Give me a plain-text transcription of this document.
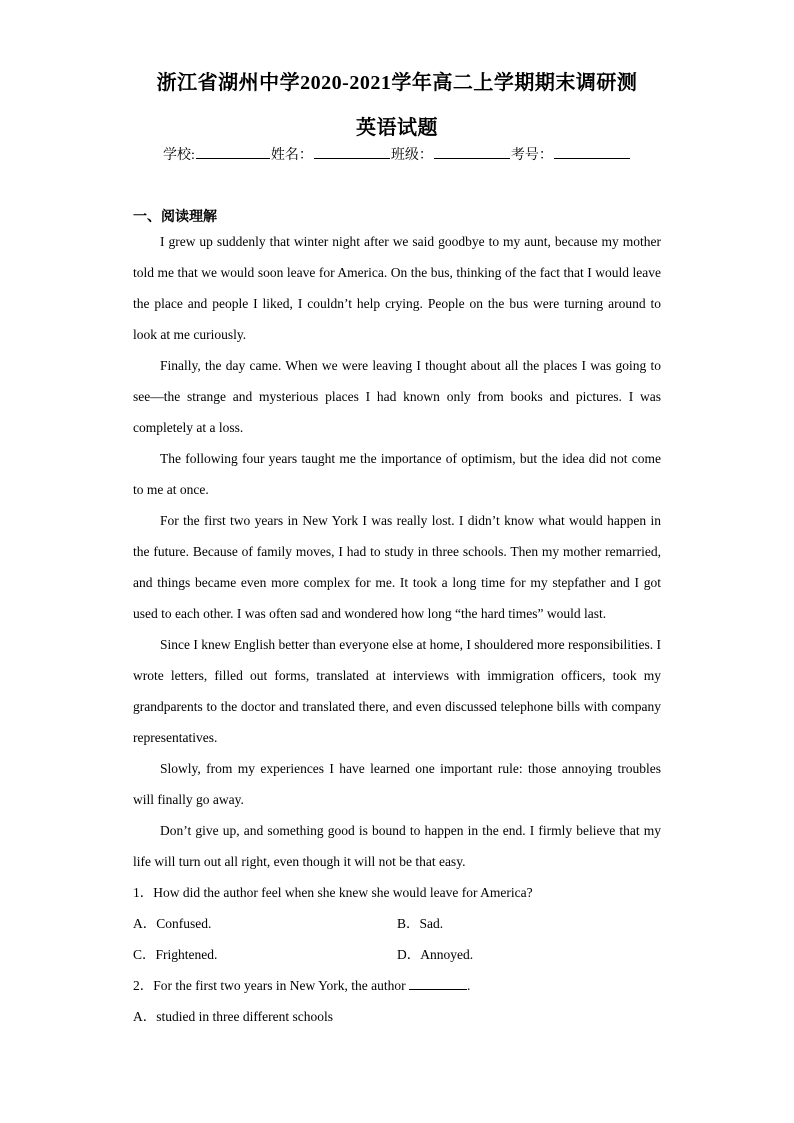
浙江省湖州中学2020-2021学年高二上学期期末调研测
英语试题
学校:	姓名：	班级：	考号：
一、阅读理解

I grew up suddenly that winter night after we said goodbye to my aunt, because my mother told me that we would soon leave for America. On the bus, thinking of the fact that I would leave the place and people I liked, I couldn’t help crying. People on the bus were turning around to look at me curiously.

Finally, the day came. When we were leaving I thought about all the places I was going to see—the strange and mysterious places I had known only from books and pictures. I was completely at a loss.

The following four years taught me the importance of optimism, but the idea did not come to me at once.

For the first two years in New York I was really lost. I didn’t know what would happen in the future. Because of family moves, I had to study in three schools. Then my mother remarried, and things became even more complex for me. It took a long time for my stepfather and I got used to each other. I was often sad and wondered how long “the hard times” would last.

Since I knew English better than everyone else at home, I shouldered more responsibilities. I wrote letters, filled out forms, translated at interviews with immigration officers, took my grandparents to the doctor and translated there, and even discussed telephone bills with company representatives.

Slowly, from my experiences I have learned one important rule: those annoying troubles will finally go away.

Don’t give up, and something good is bound to happen in the end. I firmly believe that my life will turn out all right, even though it will not be that easy.

1．How did the author feel when she knew she would leave for America?

A．Confused.	B．Sad.
C．Frightened.	D．Annoyed.

2．For the first two years in New York, the author	.

A．studied in three different schools
